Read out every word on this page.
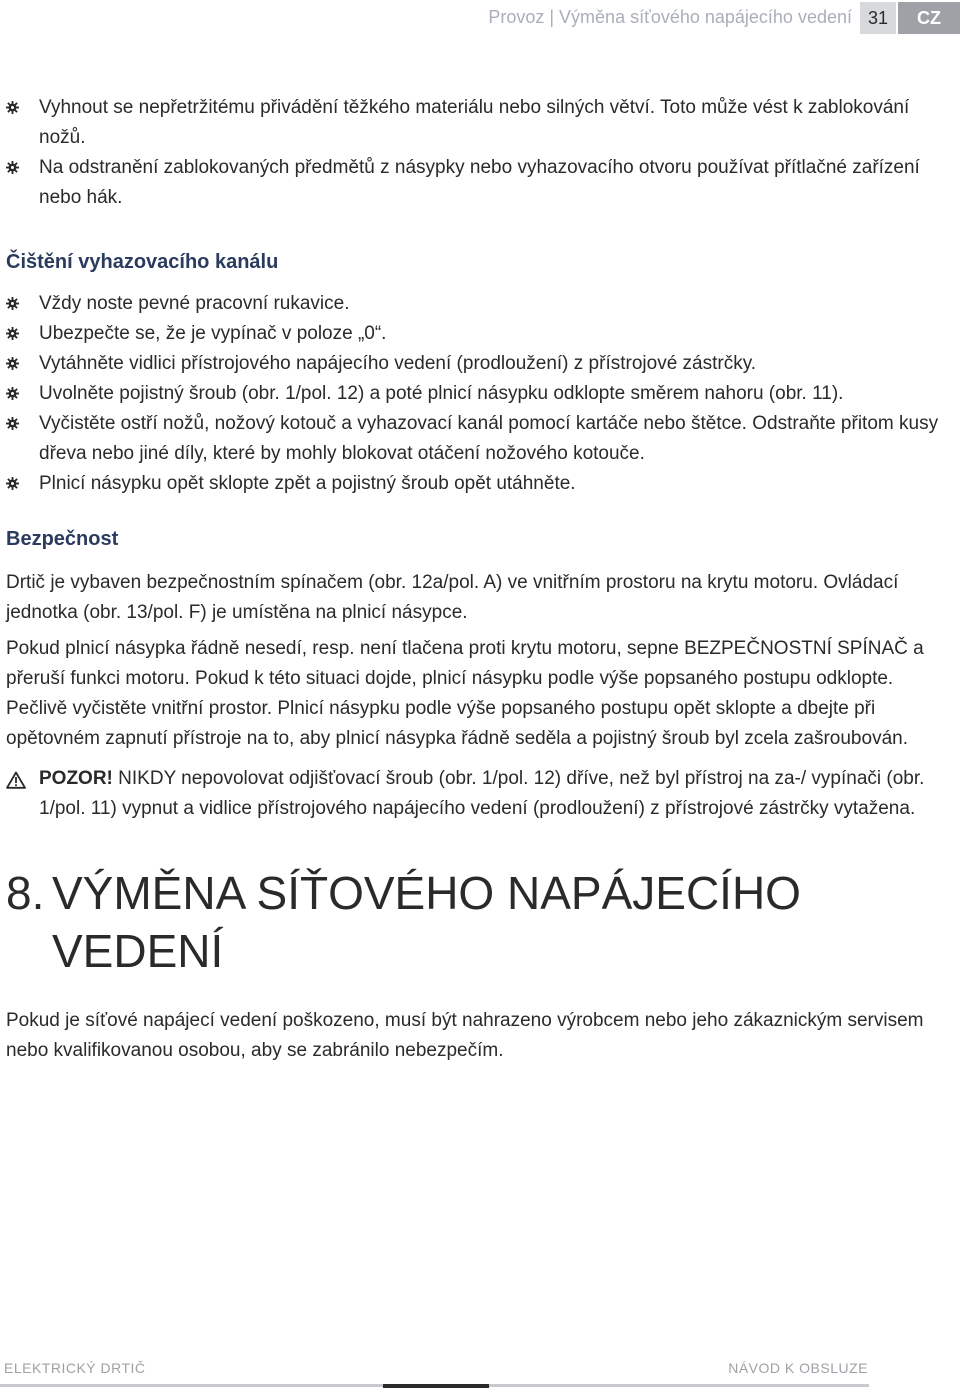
Provoz | Výměna síťového napájecího vedení 31	CZ
Vyhnout se nepřetržitému přivádění těžkého materiálu nebo silných větví. Toto může vést k zablokování nožů.
Na odstranění zablokovaných předmětů z násypky nebo vyhazovacího otvoru používat přítlačné zařízení nebo hák.
Čištění vyhazovacího kanálu
Vždy noste pevné pracovní rukavice.
Ubezpečte se, že je vypínač v poloze „0“.
Vytáhněte vidlici přístrojového napájecího vedení (prodloužení) z přístrojové zástrčky.
Uvolněte pojistný šroub (obr. 1/pol. 12) a poté plnicí násypku odklopte směrem nahoru (obr. 11).
Vyčistěte ostří nožů, nožový kotouč a vyhazovací kanál pomocí kartáče nebo štětce. Odstraňte přitom kusy dřeva nebo jiné díly, které by mohly blokovat otáčení nožového kotouče.
Plnicí násypku opět sklopte zpět a pojistný šroub opět utáhněte.
Bezpečnost

Drtič je vybaven bezpečnostním spínačem (obr. 12a/pol. A) ve vnitřním prostoru na krytu motoru. Ovládací jednotka (obr. 13/pol. F) je umístěna na plnicí násypce.

Pokud plnicí násypka řádně nesedí, resp. není tlačena proti krytu motoru, sepne BEZPEČNOSTNÍ SPÍNAČ a přeruší funkci motoru. Pokud k této situaci dojde, plnicí násypku podle výše popsaného postupu odklopte. Pečlivě vyčistěte vnitřní prostor. Plnicí násypku podle výše popsaného postupu opět sklopte a dbejte při opětovném zapnutí přístroje na to, aby plnicí násypka řádně seděla a pojistný šroub byl zcela zašroubován.

POZOR! NIKDY nepovolovat odjišťovací šroub (obr. 1/pol. 12) dříve, než byl přístroj na za-/ vypínači (obr. 1/pol. 11) vypnut a vidlice přístrojového napájecího vedení (prodloužení) z přístrojové zástrčky vytažena.
8. VÝMĚNA SÍŤOVÉHO NAPÁJECÍHO VEDENÍ

Pokud je síťové napájecí vedení poškozeno, musí být nahrazeno výrobcem nebo jeho zákaznickým servisem nebo kvalifikovanou osobou, aby se zabránilo nebezpečím.

ELEKTRICKÝ DRTIČ	NÁVOD K OBSLUZE
